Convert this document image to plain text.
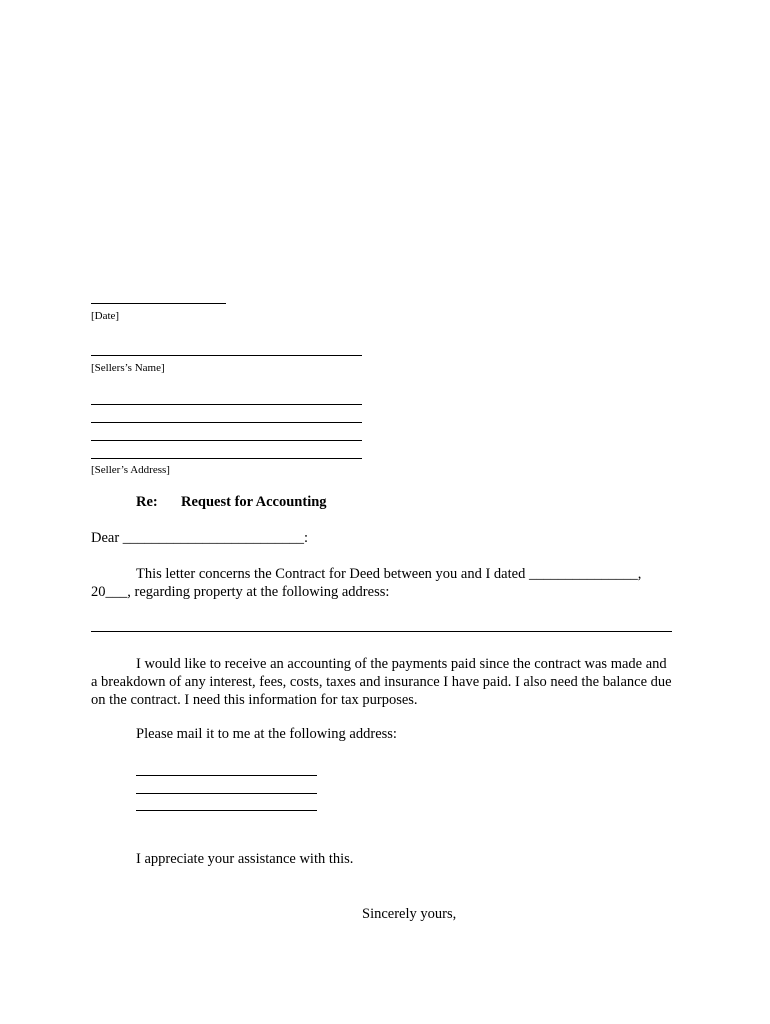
[Date]
[Sellers’s Name]
[Seller’s Address]
Re: Request for Accounting
Dear _________________________:
This letter concerns the Contract for Deed between you and I dated _______________,
20___, regarding property at the following address:
I would like to receive an accounting of the payments paid since the contract was made and a breakdown of any interest, fees, costs, taxes and insurance I have paid. I also need the balance due on the contract. I need this information for tax purposes.
Please mail it to me at the following address:
I appreciate your assistance with this.
Sincerely yours,
